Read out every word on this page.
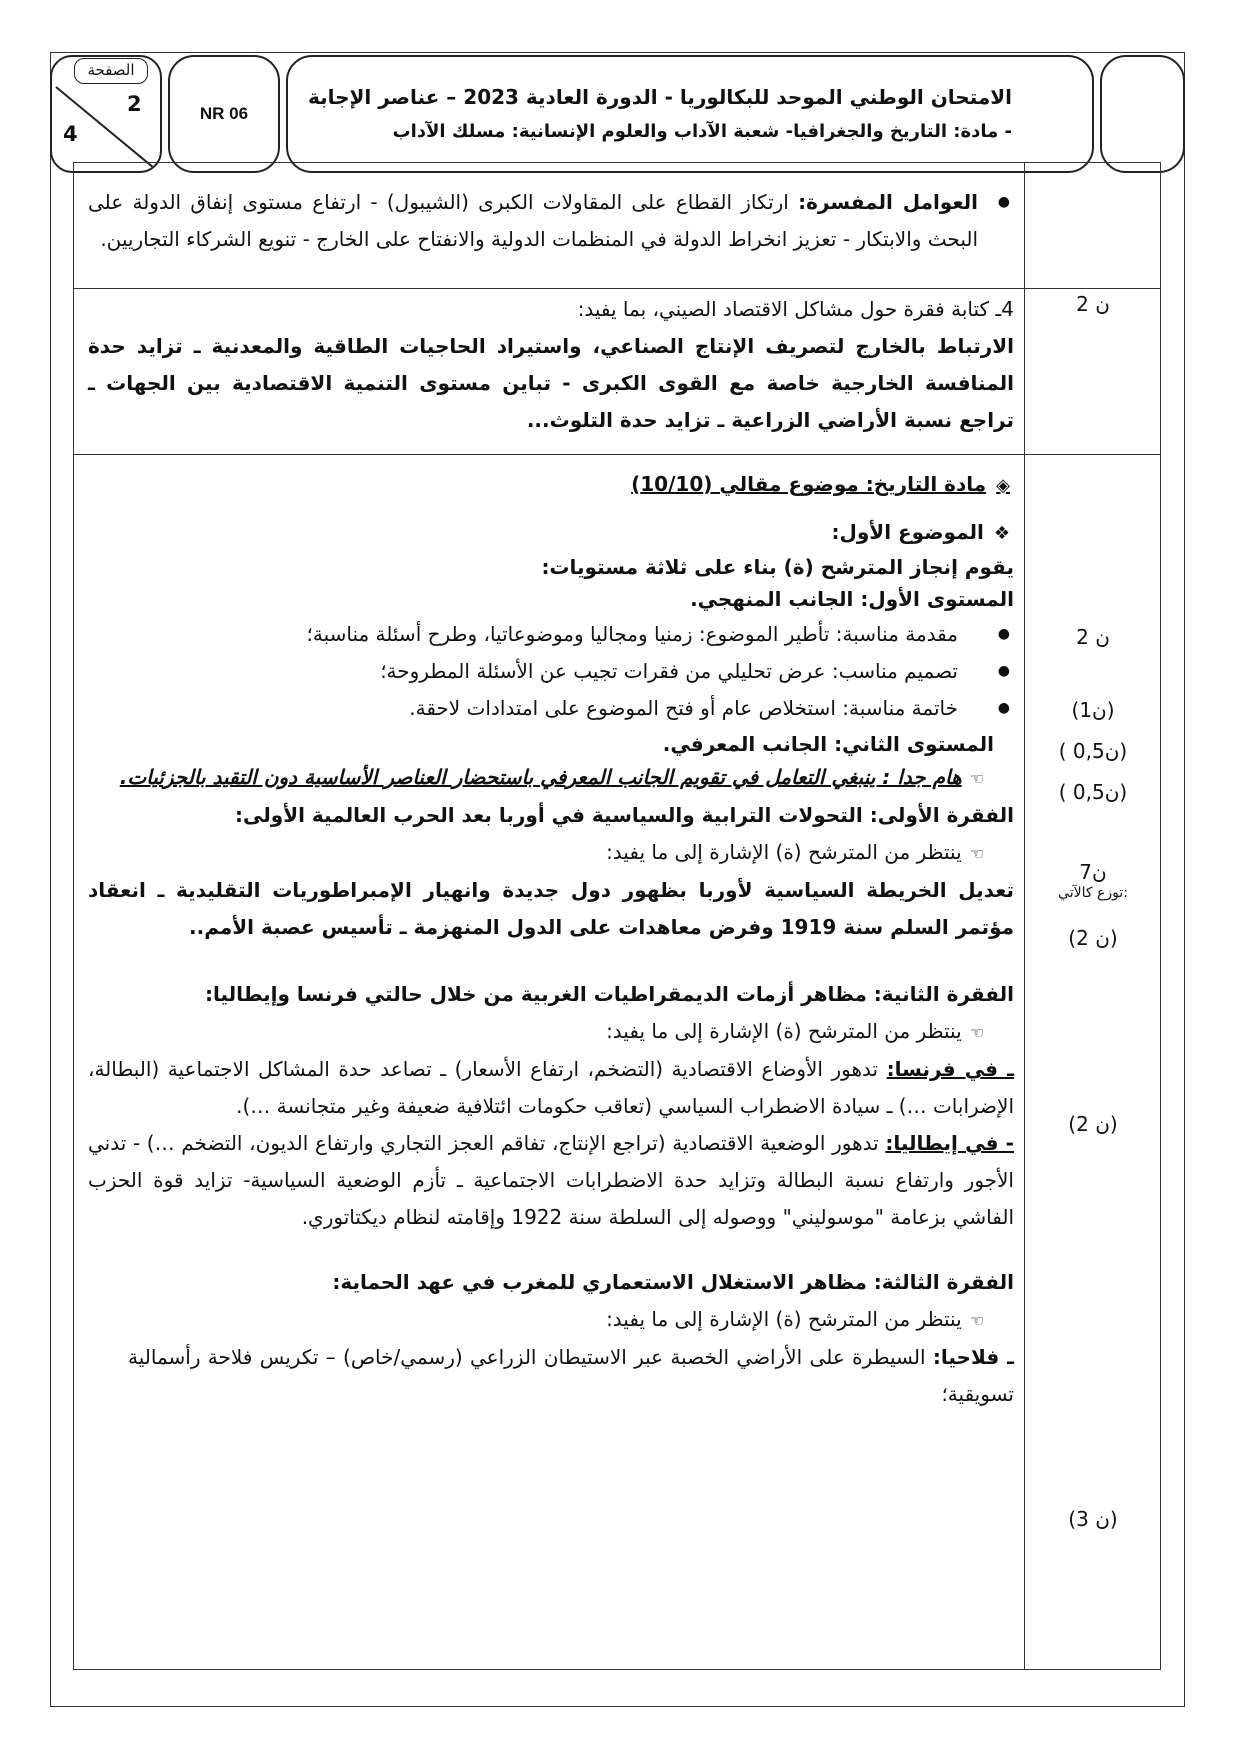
الصفحة
2
4
NR 06
الامتحان الوطني الموحد للبكالوريا - الدورة العادية 2023 – عناصر الإجابة
- مادة: التاريخ والجغرافيا- شعبة الآداب والعلوم الإنسانية: مسلك الآداب

● العوامل المفسرة: ارتكاز القطاع على المقاولات الكبرى (الشيبول) - ارتفاع مستوى إنفاق الدولة على البحث والابتكار - تعزيز انخراط الدولة في المنظمات الدولية والانفتاح على الخارج - تنويع الشركاء التجاريين.

2 ن

4ـ كتابة فقرة حول مشاكل الاقتصاد الصيني، بما يفيد:

الارتباط بالخارج لتصريف الإنتاج الصناعي، واستيراد الحاجيات الطاقية والمعدنية ـ تزايد حدة المنافسة الخارجية خاصة مع القوى الكبرى - تباين مستوى التنمية الاقتصادية بين الجهات ـ تراجع نسبة الأراضي الزراعية ـ تزايد حدة التلوث...

◈مادة التاريخ: موضوع مقالي (10/10)

❖الموضوع الأول:

يقوم إنجاز المترشح (ة) بناء على ثلاثة مستويات:

المستوى الأول: الجانب المنهجي.

● مقدمة مناسبة: تأطير الموضوع: زمنيا ومجاليا وموضوعاتيا، وطرح أسئلة مناسبة؛

● تصميم مناسب: عرض تحليلي من فقرات تجيب عن الأسئلة المطروحة؛

● خاتمة مناسبة: استخلاص عام أو فتح الموضوع على امتدادات لاحقة.

المستوى الثاني: الجانب المعرفي.

☜هام جدا : ينبغي التعامل في تقويم الجانب المعرفي باستحضار العناصر الأساسية دون التقيد بالجزئيات.

الفقرة الأولى: التحولات الترابية والسياسية في أوربا بعد الحرب العالمية الأولى:

☜ينتظر من المترشح (ة) الإشارة إلى ما يفيد:

تعديل الخريطة السياسية لأوربا بظهور دول جديدة وانهيار الإمبراطوريات التقليدية ـ انعقاد مؤتمر السلم سنة 1919 وفرض معاهدات على الدول المنهزمة ـ تأسيس عصبة الأمم..

الفقرة الثانية: مظاهر أزمات الديمقراطيات الغربية من خلال حالتي فرنسا وإيطاليا:

☜ينتظر من المترشح (ة) الإشارة إلى ما يفيد:

ـ في فرنسا: تدهور الأوضاع الاقتصادية (التضخم، ارتفاع الأسعار) ـ تصاعد حدة المشاكل الاجتماعية (البطالة، الإضرابات …) ـ سيادة الاضطراب السياسي (تعاقب حكومات ائتلافية ضعيفة وغير متجانسة …).

- في إيطاليا: تدهور الوضعية الاقتصادية (تراجع الإنتاج، تفاقم العجز التجاري وارتفاع الديون، التضخم …) - تدني الأجور وارتفاع نسبة البطالة وتزايد حدة الاضطرابات الاجتماعية ـ تأزم الوضعية السياسية- تزايد قوة الحزب الفاشي بزعامة "موسوليني" ووصوله إلى السلطة سنة 1922 وإقامته لنظام ديكتاتوري.

الفقرة الثالثة: مظاهر الاستغلال الاستعماري للمغرب في عهد الحماية:

☜ينتظر من المترشح (ة) الإشارة إلى ما يفيد:

ـ فلاحيا: السيطرة على الأراضي الخصبة عبر الاستيطان الزراعي (رسمي/خاص) – تكريس فلاحة رأسمالية تسويقية؛

2 ن
(1ن)
( 0,5ن)
( 0,5ن)
7ن
توزع كالآتي:
(2 ن)
(2 ن)
(3 ن)
